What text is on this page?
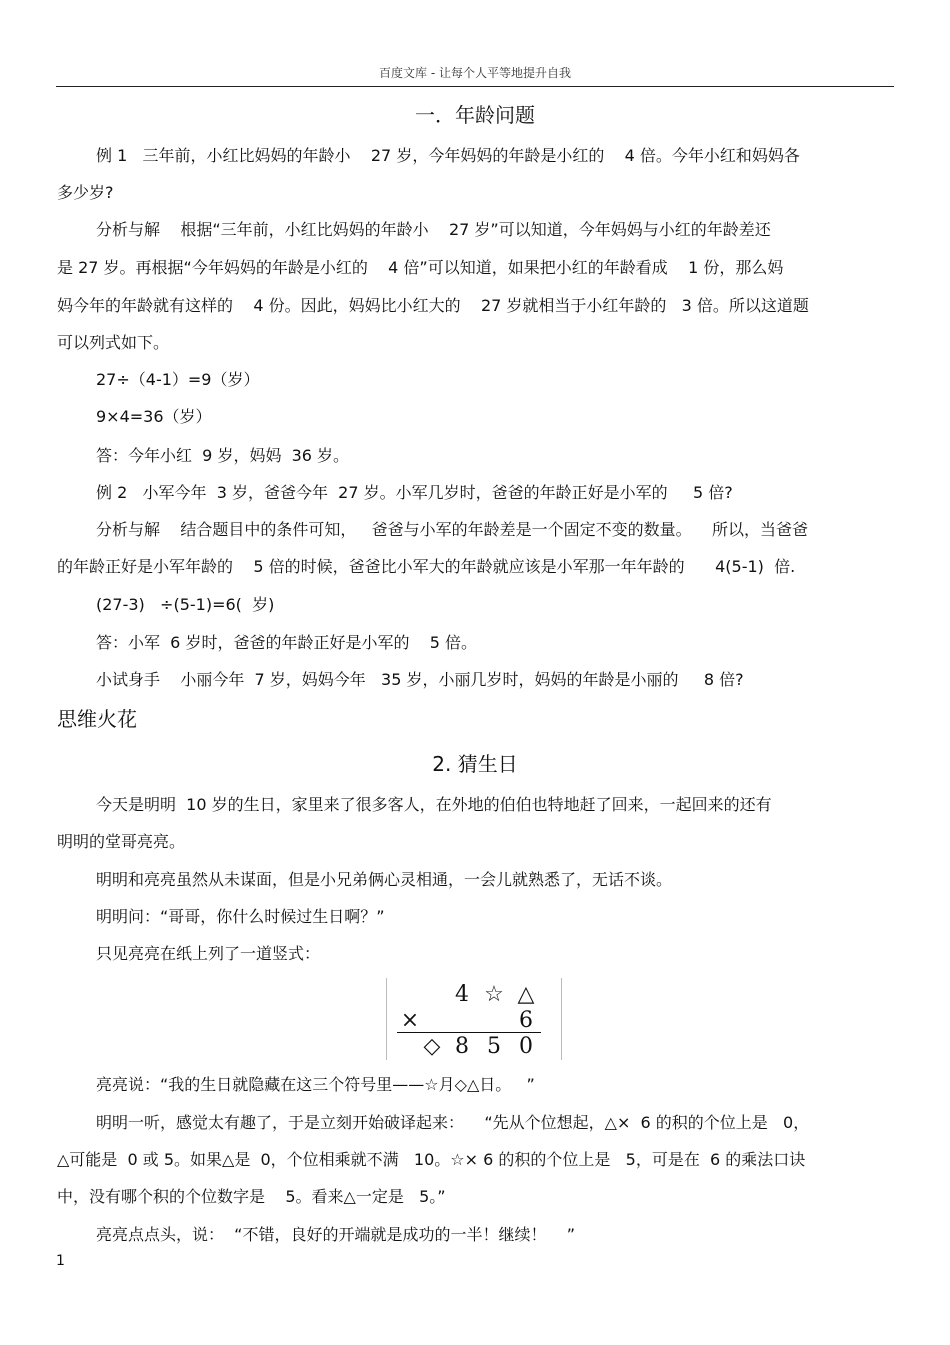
百度文库 - 让每个人平等地提升自我
一．年龄问题
例 1   三年前，小红比妈妈的年龄小    27 岁，今年妈妈的年龄是小红的    4 倍。今年小红和妈妈各
多少岁?
分析与解    根据“三年前，小红比妈妈的年龄小    27 岁”可以知道，今年妈妈与小红的年龄差还
是 27 岁。再根据“今年妈妈的年龄是小红的    4 倍”可以知道，如果把小红的年龄看成    1 份，那么妈
妈今年的年龄就有这样的    4 份。因此，妈妈比小红大的    27 岁就相当于小红年龄的   3 倍。所以这道题
可以列式如下。
27÷（4-1）=9（岁）
9×4=36（岁）
答：今年小红  9 岁，妈妈  36 岁。
例 2   小军今年  3 岁，爸爸今年  27 岁。小军几岁时，爸爸的年龄正好是小军的     5 倍?
分析与解    结合题目中的条件可知，   爸爸与小军的年龄差是一个固定不变的数量。    所以，当爸爸
的年龄正好是小军年龄的    5 倍的时候，爸爸比小军大的年龄就应该是小军那一年年龄的      4(5-1)  倍.
(27-3)   ÷(5-1)=6(  岁)
答：小军  6 岁时，爸爸的年龄正好是小军的    5 倍。
小试身手    小丽今年  7 岁，妈妈今年   35 岁，小丽几岁时，妈妈的年龄是小丽的     8 倍?
思维火花
2. 猜生日
今天是明明  10 岁的生日，家里来了很多客人，在外地的伯伯也特地赶了回来，一起回来的还有
明明的堂哥亮亮。
明明和亮亮虽然从未谋面，但是小兄弟俩心灵相通，一会儿就熟悉了，无话不谈。
明明问：“哥哥，你什么时候过生日啊？”
只见亮亮在纸上列了一道竖式：
4 ☆ △
×	6
◇ 8 5 0
亮亮说：“我的生日就隐藏在这三个符号里——☆月◇△日。   ”
明明一听，感觉太有趣了，于是立刻开始破译起来：    “先从个位想起，△×  6 的积的个位上是   0，
△可能是  0 或 5。如果△是  0，个位相乘就不满   10。☆× 6 的积的个位上是   5，可是在  6 的乘法口诀
中，没有哪个积的个位数字是    5。看来△一定是   5。”
亮亮点点头，说：  “不错，良好的开端就是成功的一半！继续！    ”
1
